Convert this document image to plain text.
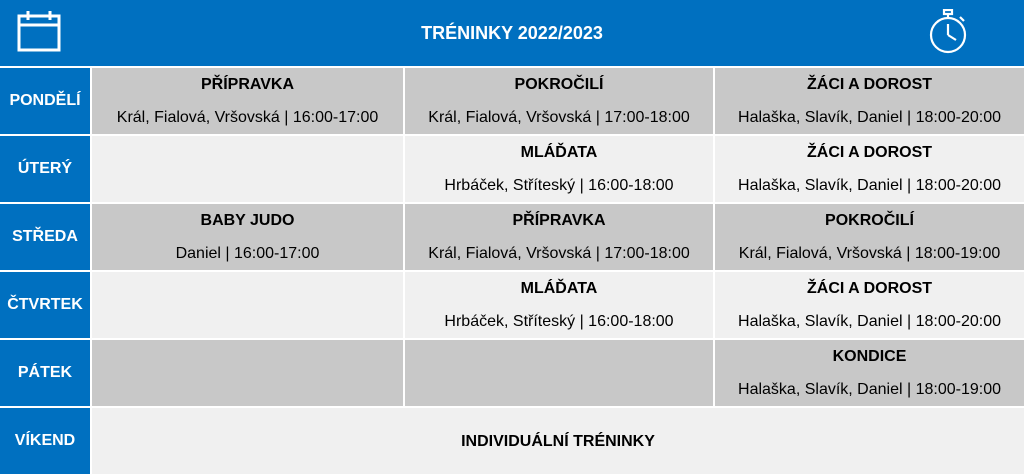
TRÉNINKY 2022/2023
PONDĚLÍ
PŘÍPRAVKA
Král, Fialová, Vršovská | 16:00-17:00
POKROČILÍ
Král, Fialová, Vršovská | 17:00-18:00
ŽÁCI A DOROST
Halaška, Slavík, Daniel | 18:00-20:00
ÚTERÝ
MLÁĎATA
Hrbáček, Stříteský | 16:00-18:00
ŽÁCI A DOROST
Halaška, Slavík, Daniel | 18:00-20:00
STŘEDA
BABY JUDO
Daniel | 16:00-17:00
PŘÍPRAVKA
Král, Fialová, Vršovská | 17:00-18:00
POKROČILÍ
Král, Fialová, Vršovská | 18:00-19:00
ČTVRTEK
MLÁĎATA
Hrbáček, Stříteský | 16:00-18:00
ŽÁCI A DOROST
Halaška, Slavík, Daniel | 18:00-20:00
PÁTEK
KONDICE
Halaška, Slavík, Daniel | 18:00-19:00
VÍKEND	INDIVIDUÁLNÍ TRÉNINKY
